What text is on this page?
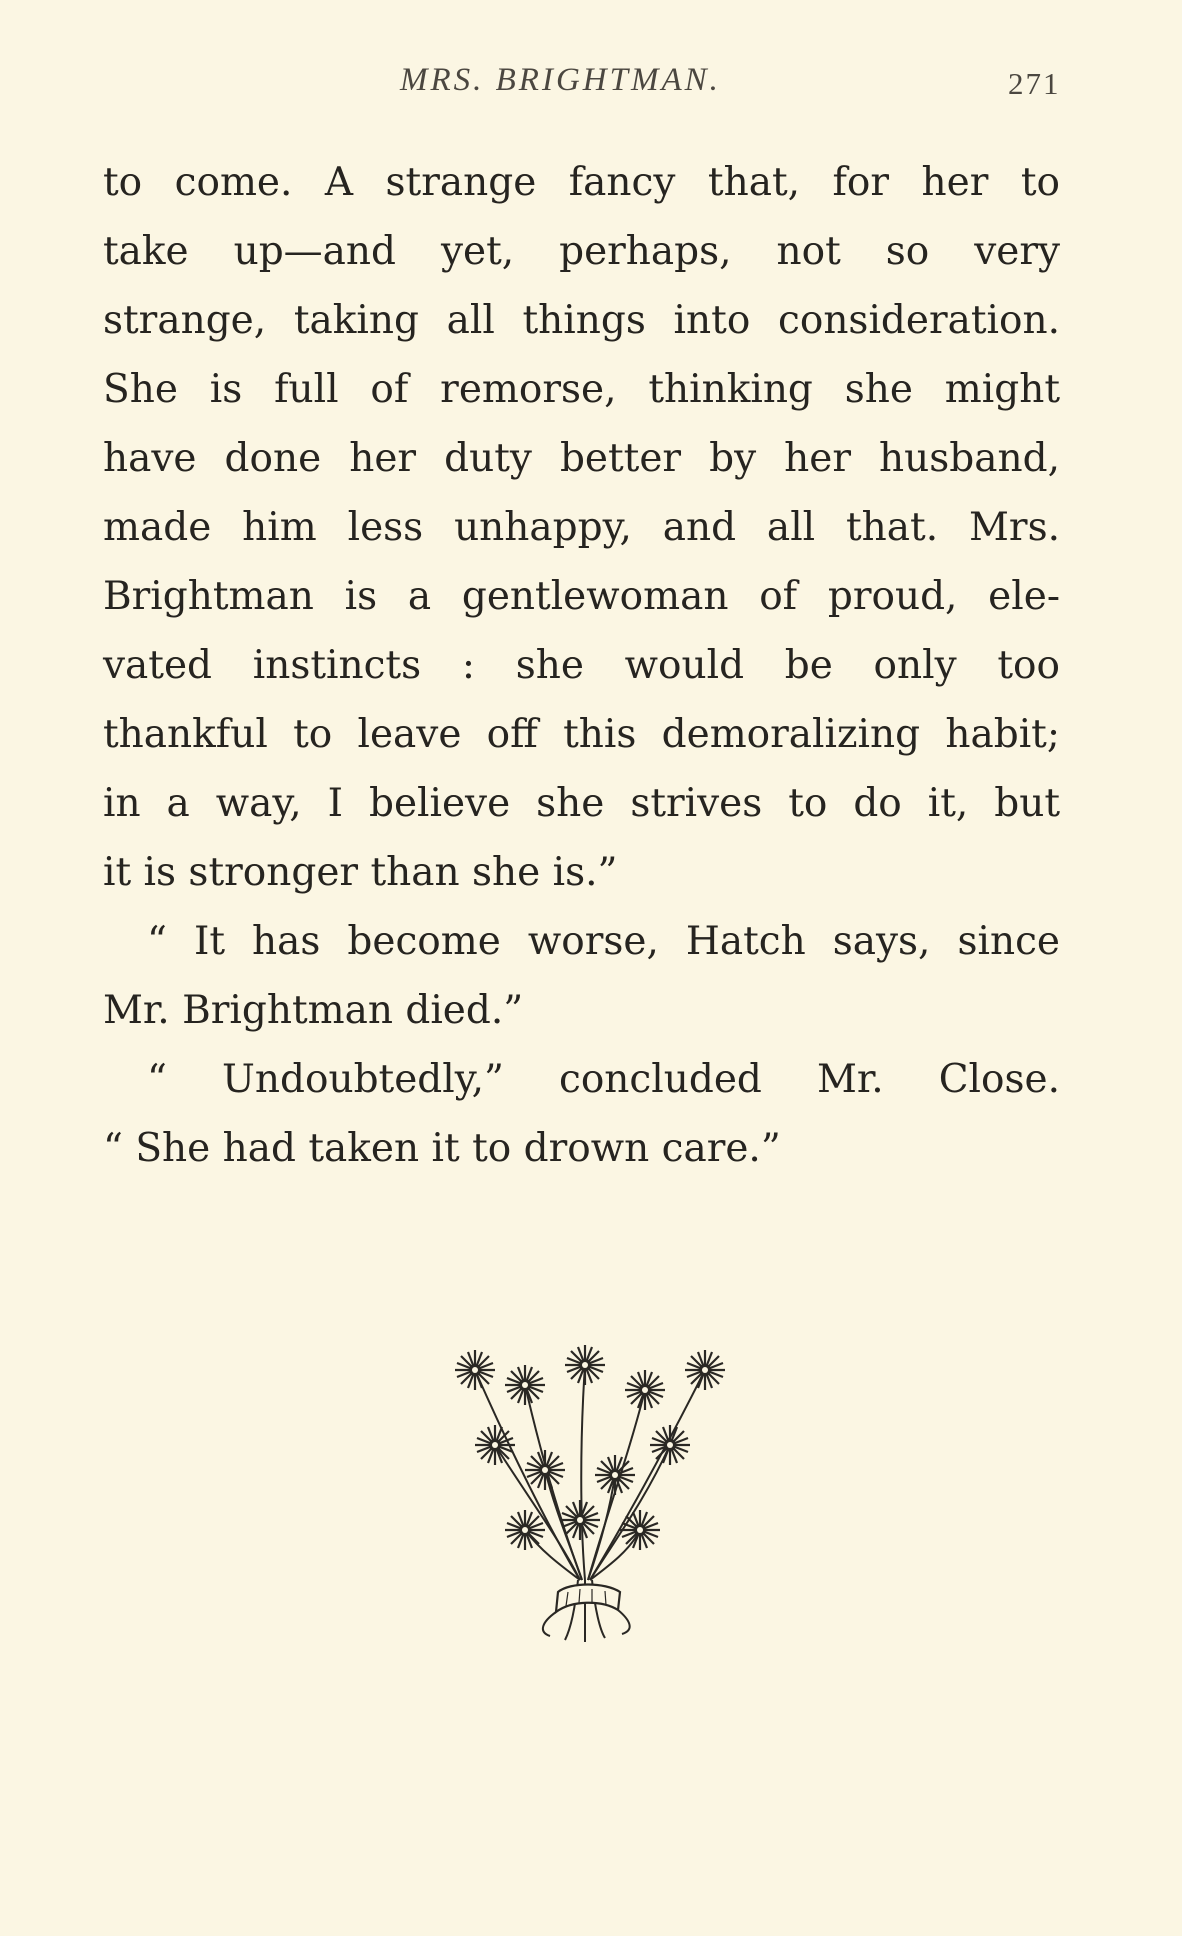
MRS. BRIGHTMAN.	271
to come. A strange fancy that, for her to
take up—and yet, perhaps, not so very
strange, taking all things into consideration.
She is full of remorse, thinking she might
have done her duty better by her husband,
made him less unhappy, and all that. Mrs.
Brightman is a gentlewoman of proud, ele-
vated instincts : she would be only too
thankful to leave off this demoralizing habit;
in a way, I believe she strives to do it, but
it is stronger than she is.”
“ It has become worse, Hatch says, since
Mr. Brightman died.”
“ Undoubtedly,” concluded Mr. Close.
“ She had taken it to drown care.”
